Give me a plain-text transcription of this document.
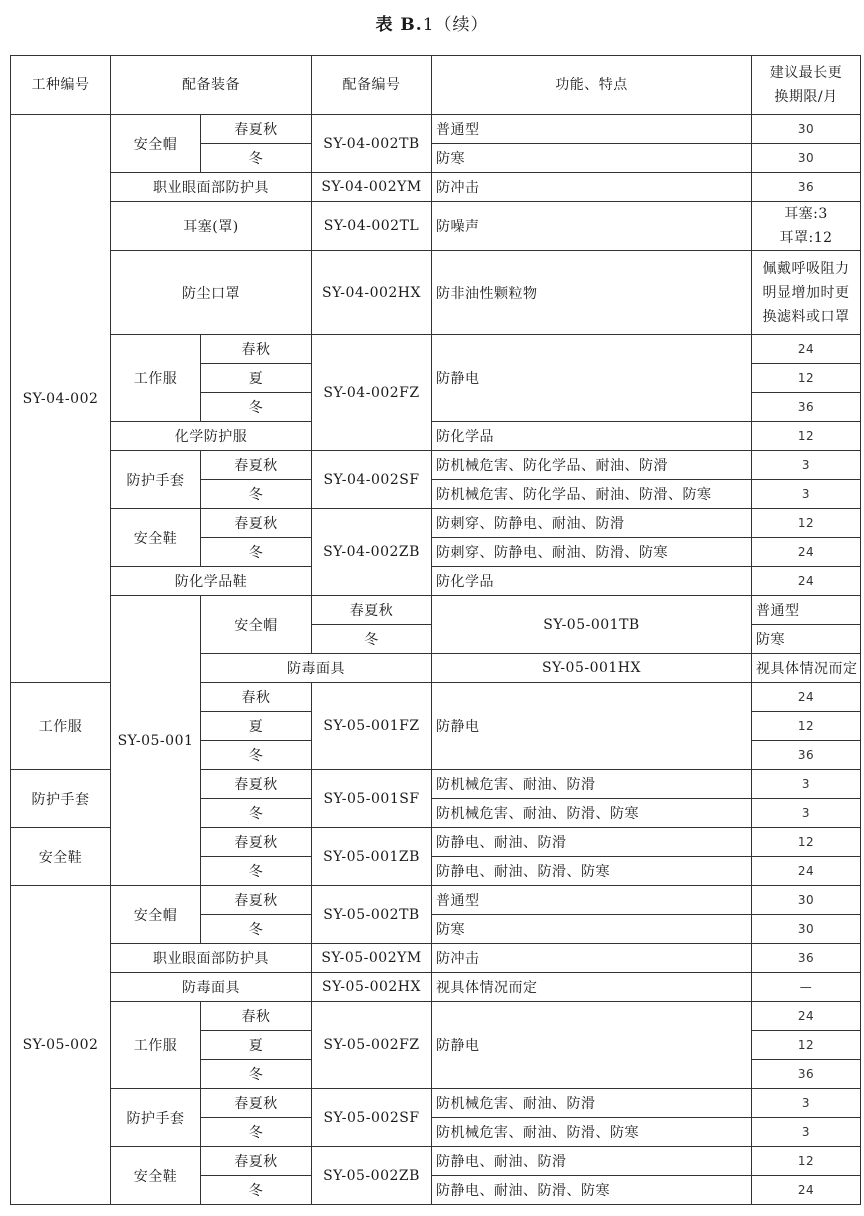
表 B.1（续）
工种编号	配备装备		配备编号	功能、特点	建议最长更
换期限/月	
SY-04-002	安全帽	春夏秋	SY-04-002TB	普通型	30	
		冬		防寒	30	
	职业眼面部防护具		SY-04-002YM	防冲击	36	
	耳塞(罩)		SY-04-002TL	防噪声	耳塞:3
耳罩:12	
	防尘口罩		SY-04-002HX	防非油性颗粒物	佩戴呼吸阻力
明显增加时更
换滤料或口罩	
	工作服	春秋	SY-04-002FZ	防静电	24	
		夏			12	
		冬			36	
	化学防护服			防化学品	12	
	防护手套	春夏秋	SY-04-002SF	防机械危害、防化学品、耐油、防滑	3	
		冬		防机械危害、防化学品、耐油、防滑、防寒	3	
	安全鞋	春夏秋	SY-04-002ZB	防刺穿、防静电、耐油、防滑	12	
		冬		防刺穿、防静电、耐油、防滑、防寒	24	
	防化学品鞋			防化学品	24	
	SY-05-001	安全帽	春夏秋	SY-05-001TB	普通型	
			冬		防寒	
		防毒面具		SY-05-001HX	视具体情况而定	
工作服		春秋	SY-05-001FZ	防静电	24	
		夏			12	
		冬			36	
防护手套		春夏秋	SY-05-001SF	防机械危害、耐油、防滑	3	
		冬		防机械危害、耐油、防滑、防寒	3	
安全鞋		春夏秋	SY-05-001ZB	防静电、耐油、防滑	12	
		冬		防静电、耐油、防滑、防寒	24	
SY-05-002	安全帽	春夏秋	SY-05-002TB	普通型	30	
		冬		防寒	30	
	职业眼面部防护具		SY-05-002YM	防冲击	36	
	防毒面具		SY-05-002HX	视具体情况而定	—	
	工作服	春秋	SY-05-002FZ	防静电	24	
		夏			12	
		冬			36	
	防护手套	春夏秋	SY-05-002SF	防机械危害、耐油、防滑	3	
		冬		防机械危害、耐油、防滑、防寒	3	
	安全鞋	春夏秋	SY-05-002ZB	防静电、耐油、防滑	12	
		冬		防静电、耐油、防滑、防寒	24	
